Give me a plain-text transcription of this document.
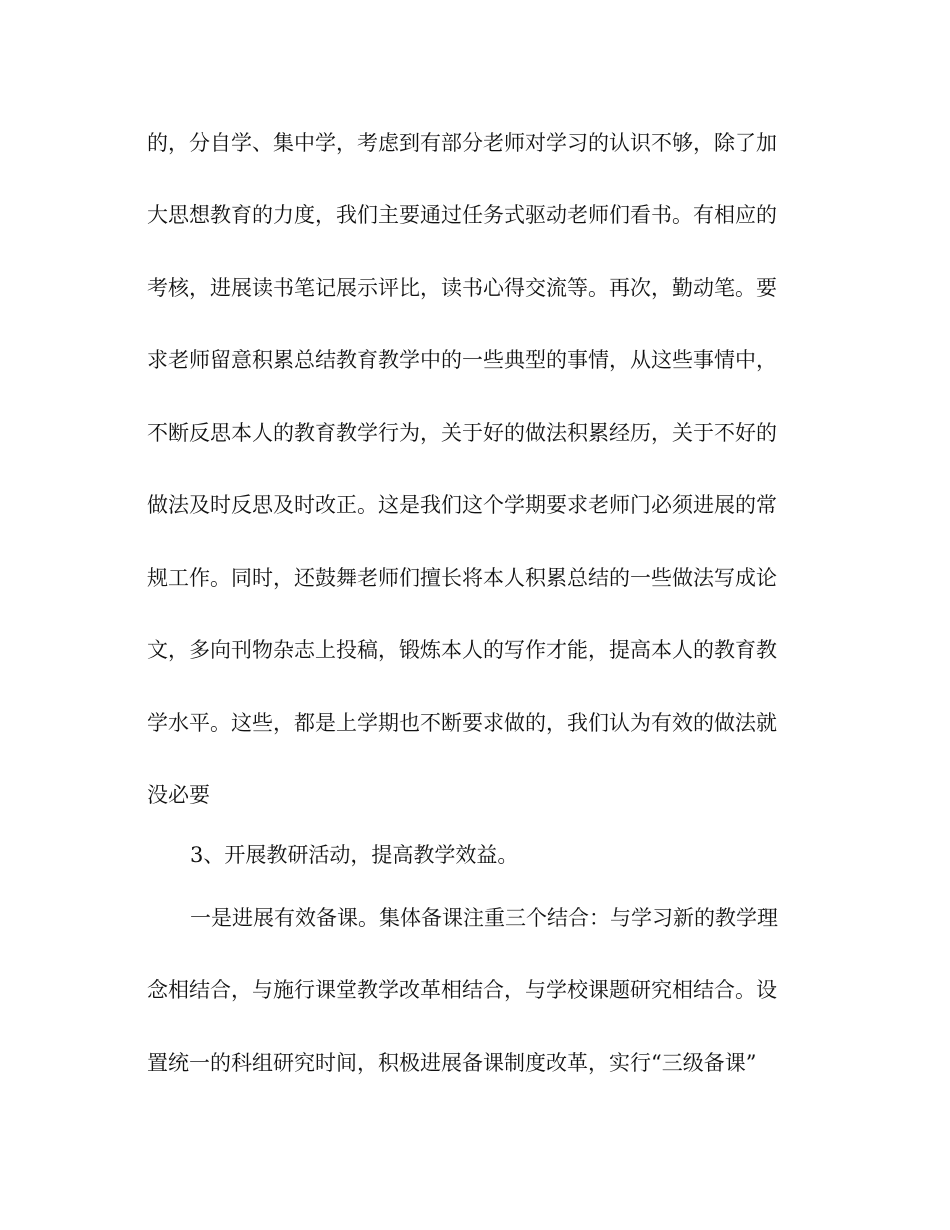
的，分自学、集中学，考虑到有部分老师对学习的认识不够，除了加
大思想教育的力度，我们主要通过任务式驱动老师们看书。有相应的
考核，进展读书笔记展示评比，读书心得交流等。再次，勤动笔。要
求老师留意积累总结教育教学中的一些典型的事情，从这些事情中，
不断反思本人的教育教学行为，关于好的做法积累经历，关于不好的
做法及时反思及时改正。这是我们这个学期要求老师门必须进展的常
规工作。同时，还鼓舞老师们擅长将本人积累总结的一些做法写成论
文，多向刊物杂志上投稿，锻炼本人的写作才能，提高本人的教育教
学水平。这些，都是上学期也不断要求做的，我们认为有效的做法就
没必要
3、开展教研活动，提高教学效益。
一是进展有效备课。集体备课注重三个结合：与学习新的教学理
念相结合，与施行课堂教学改革相结合，与学校课题研究相结合。设
置统一的科组研究时间，积极进展备课制度改革，实行“三级备课”
